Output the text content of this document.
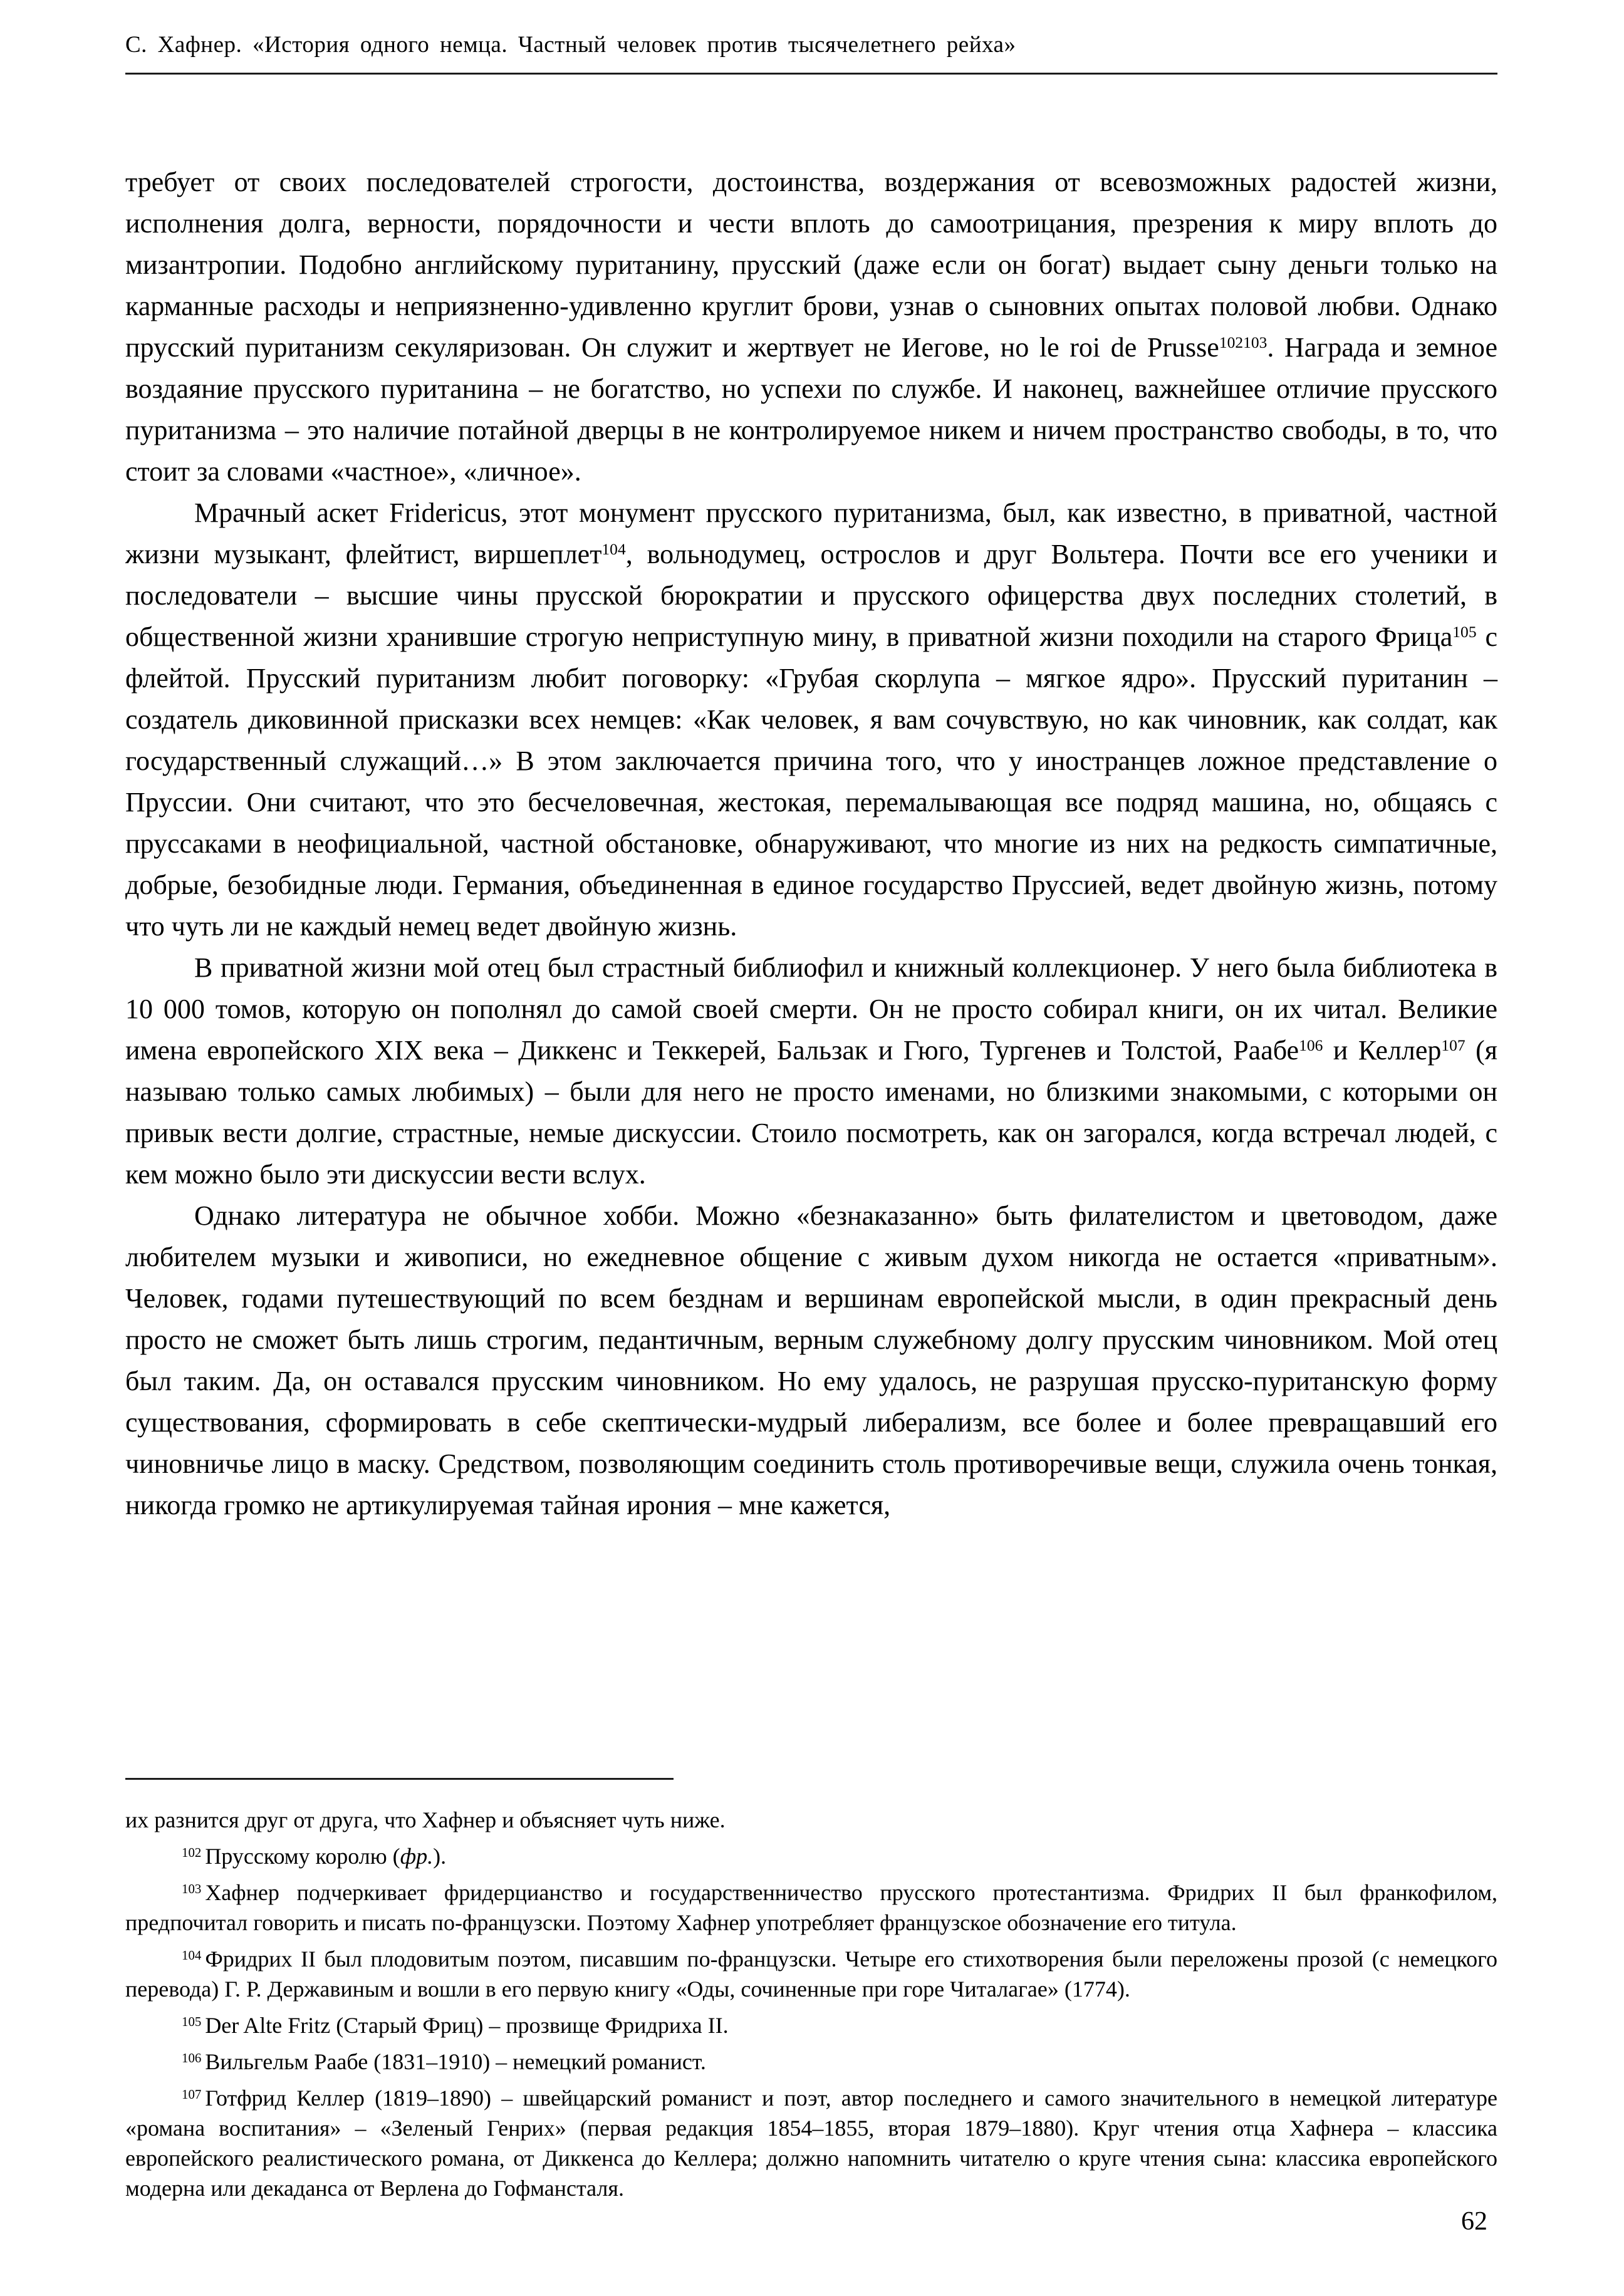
С. Хафнер. «История одного немца. Частный человек против тысячелетнего рейха»

требует от своих последователей строгости, достоинства, воздержания от всевозможных радостей жизни, исполнения долга, верности, порядочности и чести вплоть до самоотрицания, презрения к миру вплоть до мизантропии. Подобно английскому пуританину, прусский (даже если он богат) выдает сыну деньги только на карманные расходы и неприязненно-удивленно круглит брови, узнав о сыновних опытах половой любви. Однако прусский пуританизм секуляризован. Он служит и жертвует не Иегове, но le roi de Prusse$^{102103}$. Награда и земное воздаяние прусского пуританина – не богатство, но успехи по службе. И наконец, важнейшее отличие прусского пуританизма – это наличие потайной дверцы в не контролируемое никем и ничем пространство свободы, в то, что стоит за словами «частное», «личное».

Мрачный аскет Fridericus, этот монумент прусского пуританизма, был, как известно, в приватной, частной жизни музыкант, флейтист, виршеплет$^{104}$, вольнодумец, острослов и друг Вольтера. Почти все его ученики и последователи – высшие чины прусской бюрократии и прусского офицерства двух последних столетий, в общественной жизни хранившие строгую неприступную мину, в приватной жизни походили на старого Фрица$^{105}$ с флейтой. Прусский пуританизм любит поговорку: «Грубая скорлупа – мягкое ядро». Прусский пуританин – создатель диковинной присказки всех немцев: «Как человек, я вам сочувствую, но как чиновник, как солдат, как государственный служащий…» В этом заключается причина того, что у иностранцев ложное представление о Пруссии. Они считают, что это бесчеловечная, жестокая, перемалывающая все подряд машина, но, общаясь с пруссаками в неофициальной, частной обстановке, обнаруживают, что многие из них на редкость симпатичные, добрые, безобидные люди. Германия, объединенная в единое государство Пруссией, ведет двойную жизнь, потому что чуть ли не каждый немец ведет двойную жизнь.

В приватной жизни мой отец был страстный библиофил и книжный коллекционер. У него была библиотека в 10 000 томов, которую он пополнял до самой своей смерти. Он не просто собирал книги, он их читал. Великие имена европейского XIX века – Диккенс и Теккерей, Бальзак и Гюго, Тургенев и Толстой, Раабе$^{106}$ и Келлер$^{107}$ (я называю только самых любимых) – были для него не просто именами, но близкими знакомыми, с которыми он привык вести долгие, страстные, немые дискуссии. Стоило посмотреть, как он загорался, когда встречал людей, с кем можно было эти дискуссии вести вслух.

Однако литература не обычное хобби. Можно «безнаказанно» быть филателистом и цветоводом, даже любителем музыки и живописи, но ежедневное общение с живым духом никогда не остается «приватным». Человек, годами путешествующий по всем безднам и вершинам европейской мысли, в один прекрасный день просто не сможет быть лишь строгим, педантичным, верным служебному долгу прусским чиновником. Мой отец был таким. Да, он оставался прусским чиновником. Но ему удалось, не разрушая прусско-пуританскую форму существования, сформировать в себе скептически-мудрый либерализм, все более и более превращавший его чиновничье лицо в маску. Средством, позволяющим соединить столь противоречивые вещи, служила очень тонкая, никогда громко не артикулируемая тайная ирония – мне кажется,

их разнится друг от друга, что Хафнер и объясняет чуть ниже.

$^{102}$ Прусскому королю (фр.).

$^{103}$ Хафнер подчеркивает фридерцианство и государственничество прусского протестантизма. Фридрих II был франкофилом, предпочитал говорить и писать по-французски. Поэтому Хафнер употребляет французское обозначение его титула.

$^{104}$ Фридрих II был плодовитым поэтом, писавшим по-французски. Четыре его стихотворения были переложены прозой (с немецкого перевода) Г. Р. Державиным и вошли в его первую книгу «Оды, сочиненные при горе Читалагае» (1774).

$^{105}$ Der Alte Fritz (Старый Фриц) – прозвище Фридриха II.

$^{106}$ Вильгельм Раабе (1831–1910) – немецкий романист.

$^{107}$ Готфрид Келлер (1819–1890) – швейцарский романист и поэт, автор последнего и самого значительного в немецкой литературе «романа воспитания» – «Зеленый Генрих» (первая редакция 1854–1855, вторая 1879–1880). Круг чтения отца Хафнера – классика европейского реалистического романа, от Диккенса до Келлера; должно напомнить читателю о круге чтения сына: классика европейского модерна или декаданса от Верлена до Гофмансталя.

62
